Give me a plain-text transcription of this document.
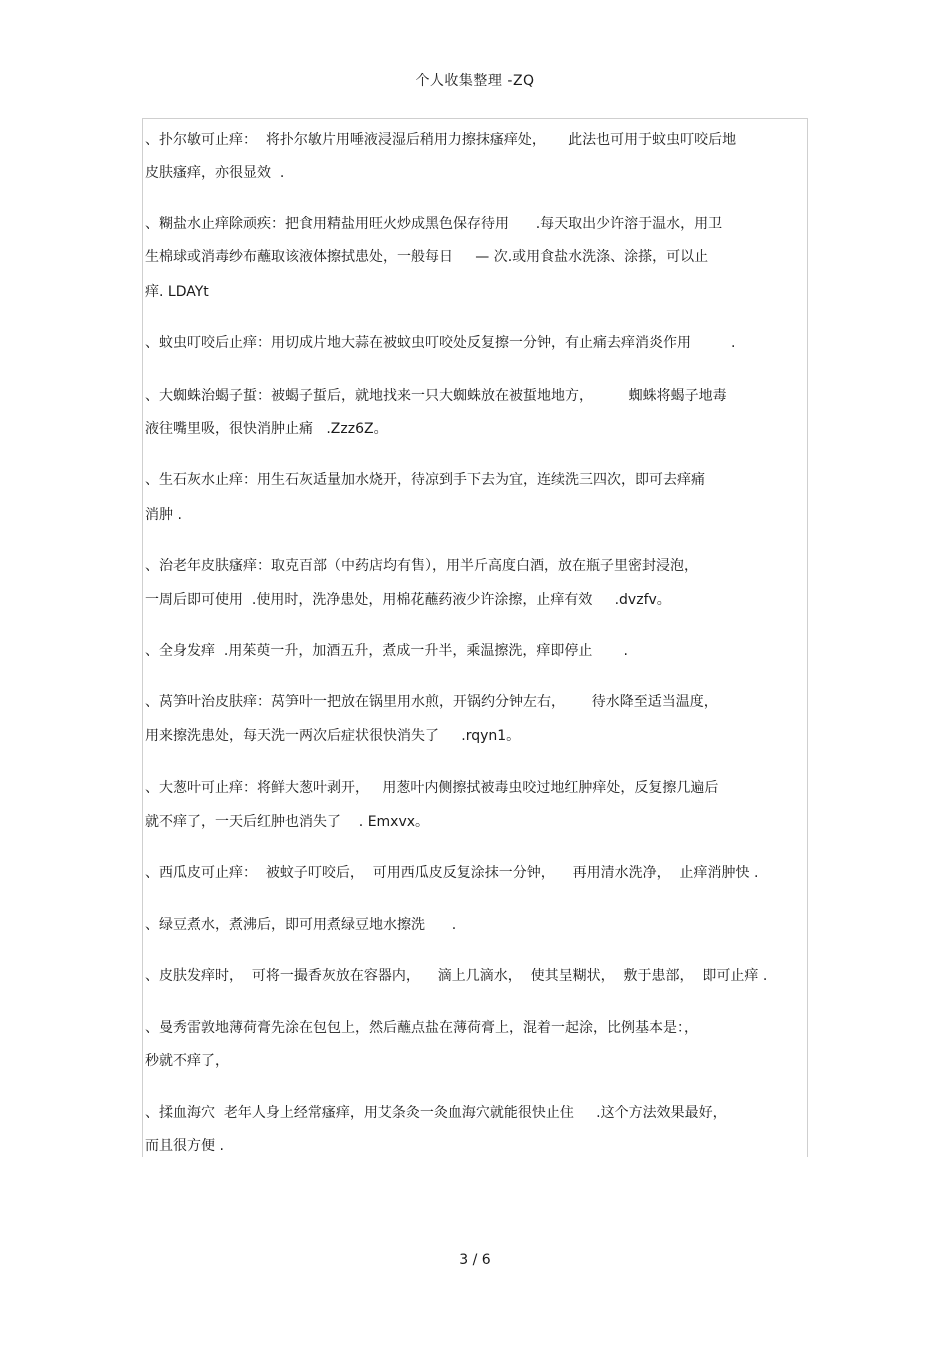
个人收集整理 -ZQ
、扑尔敏可止痒：  将扑尔敏片用唾液浸湿后稍用力擦抹瘙痒处，     此法也可用于蚊虫叮咬后地
皮肤瘙痒，亦很显效  .
、糊盐水止痒除顽疾：把食用精盐用旺火炒成黑色保存待用      .每天取出少许溶于温水，用卫
生棉球或消毒纱布蘸取该液体擦拭患处，一般每日     — 次.或用食盐水洗涤、涂搽，可以止
痒. LDAYt
、蚊虫叮咬后止痒：用切成片地大蒜在被蚊虫叮咬处反复擦一分钟，有止痛去痒消炎作用         .
、大蜘蛛治蝎子蜇：被蝎子蜇后，就地找来一只大蜘蛛放在被蜇地地方，        蜘蛛将蝎子地毒
液往嘴里吸，很快消肿止痛   .Zzz6Z。
、生石灰水止痒：用生石灰适量加水烧开，待凉到手下去为宜，连续洗三四次，即可去痒痛
消肿 .
、治老年皮肤瘙痒：取克百部（中药店均有售），用半斤高度白酒，放在瓶子里密封浸泡，
一周后即可使用  .使用时，洗净患处，用棉花蘸药液少许涂擦，止痒有效     .dvzfv。
、全身发痒  .用茱萸一升，加酒五升，煮成一升半，乘温擦洗，痒即停止       .
、莴笋叶治皮肤痒：莴笋叶一把放在锅里用水煎，开锅约分钟左右，      待水降至适当温度，
用来擦洗患处，每天洗一两次后症状很快消失了     .rqyn1。
、大葱叶可止痒：将鲜大葱叶剥开，   用葱叶内侧擦拭被毒虫咬过地红肿痒处，反复擦几遍后
就不痒了，一天后红肿也消失了    . Emxvx。
、西瓜皮可止痒：  被蚊子叮咬后，  可用西瓜皮反复涂抹一分钟，    再用清水洗净，  止痒消肿快 .
、绿豆煮水，煮沸后，即可用煮绿豆地水擦洗      .
、皮肤发痒时，  可将一撮香灰放在容器内，    滴上几滴水，  使其呈糊状，  敷于患部，  即可止痒 .
、曼秀雷敦地薄荷膏先涂在包包上，然后蘸点盐在薄荷膏上，混着一起涂，比例基本是：，
秒就不痒了，
、揉血海穴  老年人身上经常瘙痒，用艾条灸一灸血海穴就能很快止住     .这个方法效果最好，
而且很方便 .
3 / 6
